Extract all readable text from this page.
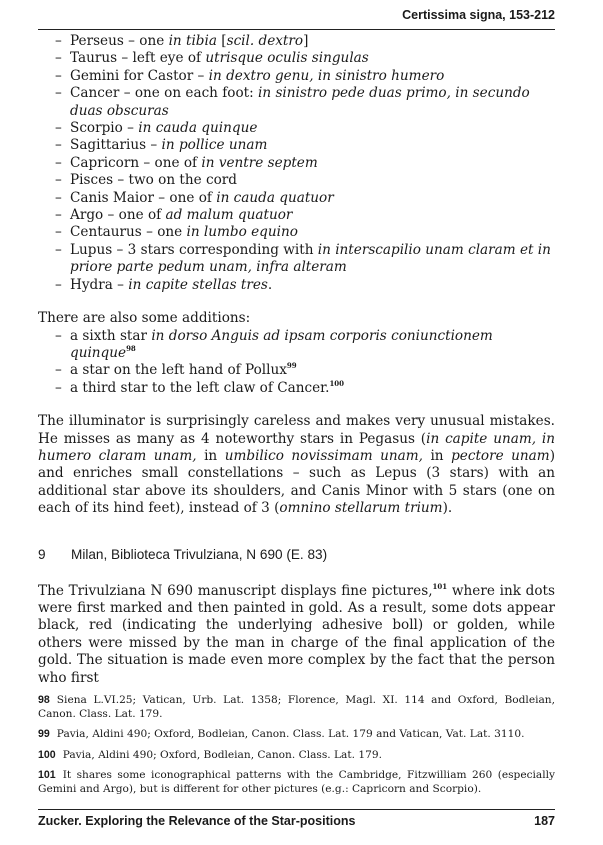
Certissima signa, 153-212
– Perseus – one in tibia [scil. dextro]
– Taurus – left eye of utrisque oculis singulas
– Gemini for Castor – in dextro genu, in sinistro humero
– Cancer – one on each foot: in sinistro pede duas primo, in secundo duas obscuras
– Scorpio – in cauda quinque
– Sagittarius – in pollice unam
– Capricorn – one of in ventre septem
– Pisces – two on the cord
– Canis Maior – one of in cauda quatuor
– Argo – one of ad malum quatuor
– Centaurus – one in lumbo equino
– Lupus – 3 stars corresponding with in interscapilio unam claram et in priore parte pedum unam, infra alteram
– Hydra – in capite stellas tres.

There are also some additions:

– a sixth star in dorso Anguis ad ipsam corporis coniunctionem quinque$^{98}$
– a star on the left hand of Pollux$^{99}$
– a third star to the left claw of Cancer.$^{100}$

The illuminator is surprisingly careless and makes very unusual mistakes. He misses as many as 4 noteworthy stars in Pegasus (in capite unam, in humero claram unam, in umbilico novissimam unam, in pectore unam) and enriches small constellations – such as Lepus (3 stars) with an additional star above its shoulders, and Canis Minor with 5 stars (one on each of its hind feet), instead of 3 (omnino stellarum trium).

9 Milan, Biblioteca Trivulziana, N 690 (E. 83)

The Trivulziana N 690 manuscript displays fine pictures,$^{101}$ where ink dots were first marked and then painted in gold. As a result, some dots appear black, red (indicating the underlying adhesive boll) or golden, while others were missed by the man in charge of the final application of the gold. The situation is made even more complex by the fact that the person who first

98 Siena L.VI.25; Vatican, Urb. Lat. 1358; Florence, Magl. XI. 114 and Oxford, Bodleian, Canon. Class. Lat. 179.

99 Pavia, Aldini 490; Oxford, Bodleian, Canon. Class. Lat. 179 and Vatican, Vat. Lat. 3110.

100 Pavia, Aldini 490; Oxford, Bodleian, Canon. Class. Lat. 179.

101 It shares some iconographical patterns with the Cambridge, Fitzwilliam 260 (especially Gemini and Argo), but is different for other pictures (e.g.: Capricorn and Scorpio).

Zucker. Exploring the Relevance of the Star-positions	187
